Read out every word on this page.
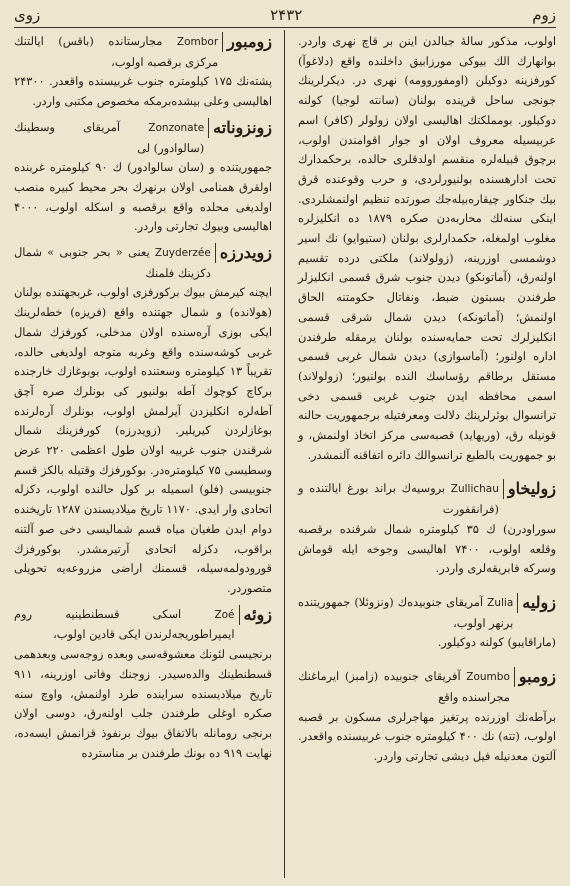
زوم
۲۴۳۲
زوی

اولوب، مذکور سالهٔ جبالدن اینن بر قاچ نهری واردر. بوانهارك الك بیوكی مورزابیق داخلنده واقع (دلاغوآ) کورفزینه دوکیلن (اومفوروومه) نهری در. دیکرلرینك جونجی ساحل قرینده بولنان (سانته لوجیا) کولنه دوکیلور. بومملکتك اهالیسی اولان زولولر (کافر) اسم عربیسیله معروف اولان او جوار اقوامندن اولوب، برچوق قبیله‌لره منقسم اولدقلری حالده، برحکمدارك تحت ادارهسنده بولنیورلردی، و حرب وقوعنده قرق بیك جنكاور چیقاره‌بیله‌جك صورتده تنظیم اولنمشلردی. اینکی سنه‌لك محاربه‌دن صکره ۱۸۷۹ ده انکلیزلره مغلوب اولمغله، حکمدارلری بولنان (ستیوایو) نك اسیر دوشمسی اوزرینه، (زولولاند) ملکتی درده تقسیم اولنه‌رق، (آماتونکو) دیدن جنوب شرق قسمی انکلیزلر طرفندن بسبتون ضبط، ونفاتال حکومتنه الحاق اولنمش؛ (آماتونکه) دیدن شمال شرقی قسمی انکلیزلرك تحت حمایه‌سنده بولنان یرمقله طرفندن اداره اولنور؛ (آماسوازی) دیدن شمال غربی قسمی مستقل برطاقم رؤساسك النده بولنیور؛ (زولولاند) اسمی محافظه ایدن جنوب غربی قسمی دخی ترانسوال بوئرلرینك دلالت ومعرفتیله برجمهوریت حالنه قونیله رق، (وریهاید) قصبه‌سی مرکز اتخاذ اولنمش، و بو جمهوریت بالطبع ترانسوالك دائره اتفاقنه آلنمشدر.

زولیخاو
Zullichau بروسیه‌ك براند بورغ ایالتنده و (فرانقفورت

سوراودرن) ك ۳۵ کیلومتره شمال شرقنده برقصبه وقلعه اولوب، ۷۴۰۰ اهالیسی وجوخه ایله قوماش وسرکه فابریقه‌لری واردر.

زولیه
Zulia آمریقای جنوبیده‌ك (ونزوئلا) جمهوریتنده برنهر اولوب،

(ماراقایبو) کولنه دوکیلور.

زومبو
Zoumbo آفریقای جنوبیده (زامبز) ایرماغنك مجراسنده واقع

برآطه‌نك اوزرنده پرتغیز مهاجرلری مسکون بر قصبه اولوب، (تته) نك ۴۰۰ کیلومتره جنوب غربیسنده واقعدر. آلتون معدنیله فیل دیشی تجارتی واردر.

زومبور
Zombor مجارستانده (باقس) ایالتنك مرکزی برقصبه اولوب،

پشته‌نك ۱۷۵ کیلومتره جنوب غربیسنده واقعدر. ۲۴۳۰۰ اهالیسی وعلی بیشده‌برمکه مخصوص مکتبی واردر.

زونزوناته
Zonzonate آمریقای وسطینك (سالوادور) لی

جمهوریتنده و (سان سالوادور) ك ۹۰ کیلومتره غربنده اولقرق همنامی اولان برنهرك بحر محیط کبیره منصب اولدیغی محلده واقع برقصبه و اسکله اولوب، ۴۰۰۰ اهالیسی وبیوك تجارتی واردر.

زویدرزه
Zuyderzée یعنی « بحر جنوبی » شمال دکزینك فلمنك

ایچنه کیرمش بیوك برکورفزی اولوب، غربجهتنده بولنان (هولانده) و شمال جهتنده واقع (فریزه) خطه‌لرینك ایکی بوزی آره‌سنده اولان مدخلی، کورفزك شمال غربی کوشه‌سنده واقع وغربه متوجه اولدیغی حالده، تقریباً ۱۳ کیلومتره وسعتنده اولوب، بوبوغازك خارجنده برکاچ کوچوك آطه بولنیور کی بونلرك صره آچق آطه‌لره انکلیزدن آیرلمش اولوب، بونلرك آره‌لرنده بوغازلردن کیریلیر. (زویدرزه) کورفزینك شمال شرقندن جنوب غربیه اولان طول اعظمی ۲۲۰ عرض وسطیسی ۷۵ کیلومتره‌در. بوکورفزك وقتیله بالکز قسم جنوبیسی (فلو) اسمیله بر کول حالنده اولوب، دکزله اتحادی وار ایدی. ۱۱۷۰ تاریخ میلادیسندن ۱۲۸۷ تاریخنده دوام ایدن طغیان میاه قسم شمالیسی دخی صو آلتنه براقوب، دکزله اتحادی آرتیرمشدر. بوکورفزك قورودولمه‌سیله، قسمنك اراضی مزروعه‌یه تحویلی متصوردر.

زوئه
Zoé اسکی قسطنطینیه روم ایمپراطوریجه‌لرندن ایکی قادین اولوب،

برنجیسی لئونك معشوقه‌سی وبعده زوجه‌سی وبعدهمی قسطنطینك والده‌سیدر. زوجنك وفاتی اوزرینه، ۹۱۱ تاریخ میلادیسنده سراینده طرد اولنمش، واوچ سنه صکره اوغلی طرفندن جلب اولنه‌رق، دوسی اولان برنجی رومانله بالاتفاق بیوك برنفوذ قزانمش ایسه‌ده، نهایت ۹۱۹ ده بونك طرفندن بر مناسترده
